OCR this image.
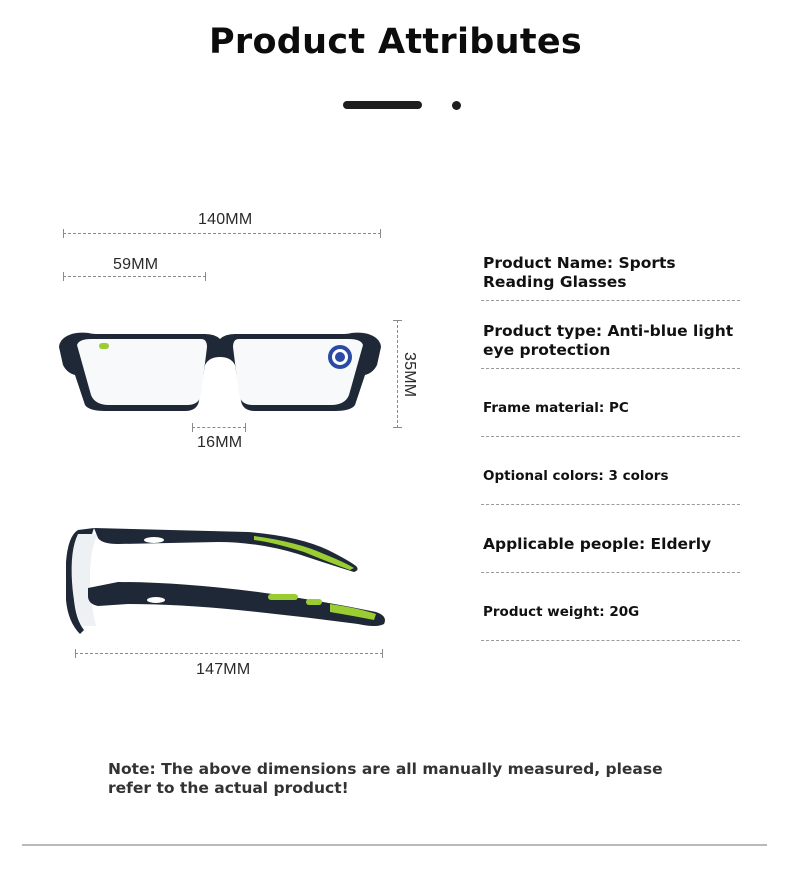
Product Attributes
140MM
59MM
35MM
16MM
147MM
Product Name: Sports Reading Glasses
Product type: Anti-blue light eye protection
Frame material: PC
Optional colors: 3 colors
Applicable people: Elderly
Product weight: 20G
Note: The above dimensions are all manually measured, please refer to the actual product!
